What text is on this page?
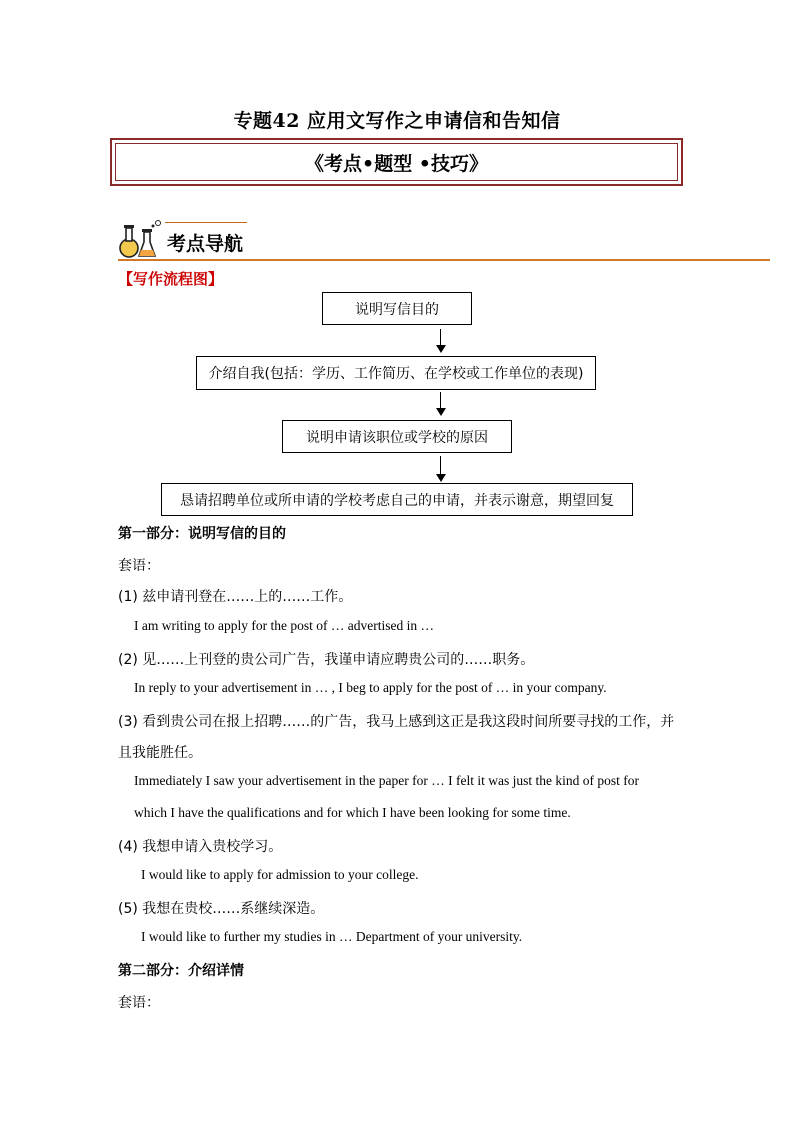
专题42 应用文写作之申请信和告知信
《考点•题型 •技巧》
考点导航
【写作流程图】
说明写信目的
介绍自我(包括：学历、工作简历、在学校或工作单位的表现)
说明申请该职位或学校的原因
恳请招聘单位或所申请的学校考虑自己的申请，并表示谢意，期望回复
第一部分：说明写信的目的
套语：
(1) 兹申请刊登在……上的……工作。
I am writing to apply for the post of … advertised in …
(2) 见……上刊登的贵公司广告，我谨申请应聘贵公司的……职务。
In reply to your advertisement in … , I beg to apply for the post of … in your company.
(3) 看到贵公司在报上招聘……的广告，我马上感到这正是我这段时间所要寻找的工作，并
且我能胜任。
Immediately I saw your advertisement in the paper for … I felt it was just the kind of post for
which I have the qualifications and for which I have been looking for some time.
(4) 我想申请入贵校学习。
I would like to apply for admission to your college.
(5) 我想在贵校……系继续深造。
I would like to further my studies in … Department of your university.
第二部分：介绍详情
套语：
